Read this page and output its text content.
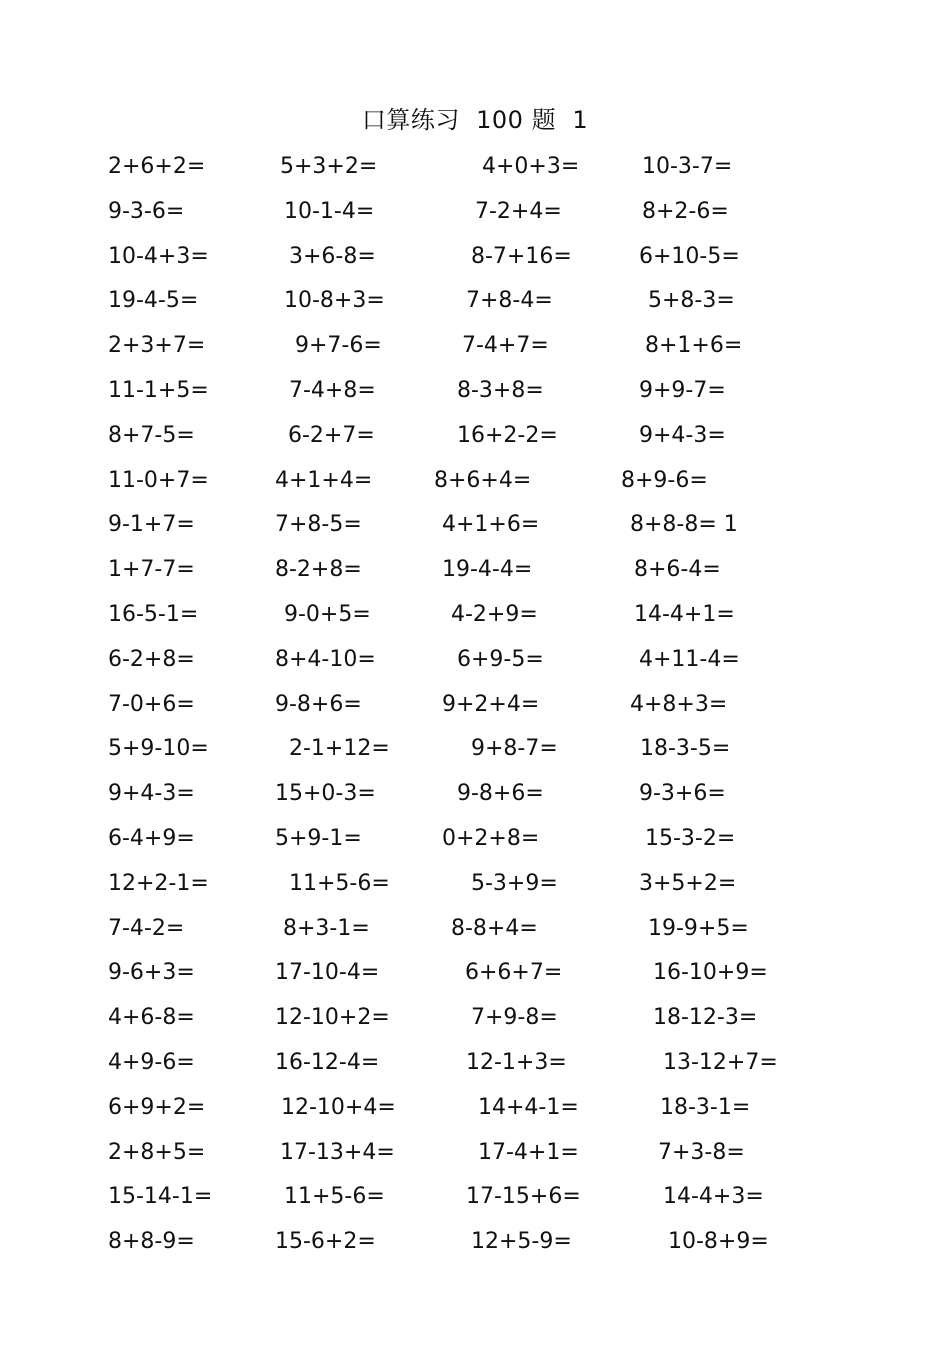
口算练习  100 题  1
2+6+2=	5+3+2=	4+0+3=	10-3-7=
9-3-6=	10-1-4=	7-2+4=	8+2-6=
10-4+3=	3+6-8=	8-7+16=	6+10-5=
19-4-5=	10-8+3=	7+8-4=	5+8-3=
2+3+7=	9+7-6=	7-4+7=	8+1+6=
11-1+5=	7-4+8=	8-3+8=	9+9-7=
8+7-5=	6-2+7=	16+2-2=	9+4-3=
11-0+7=	4+1+4=	8+6+4=	8+9-6=
9-1+7=	7+8-5=	4+1+6=	8+8-8= 1
1+7-7=	8-2+8=	19-4-4=	8+6-4=
16-5-1=	9-0+5=	4-2+9=	14-4+1=
6-2+8=	8+4-10=	6+9-5=	4+11-4=
7-0+6=	9-8+6=	9+2+4=	4+8+3=
5+9-10=	2-1+12=	9+8-7=	18-3-5=
9+4-3=	15+0-3=	9-8+6=	9-3+6=
6-4+9=	5+9-1=	0+2+8=	15-3-2=
12+2-1=	11+5-6=	5-3+9=	3+5+2=
7-4-2=	8+3-1=	8-8+4=	19-9+5=
9-6+3=	17-10-4=	6+6+7=	16-10+9=
4+6-8=	12-10+2=	7+9-8=	18-12-3=
4+9-6=	16-12-4=	12-1+3=	13-12+7=
6+9+2=	12-10+4=	14+4-1=	18-3-1=
2+8+5=	17-13+4=	17-4+1=	7+3-8=
15-14-1=	11+5-6=	17-15+6=	14-4+3=
8+8-9=	15-6+2=	12+5-9=	10-8+9=
